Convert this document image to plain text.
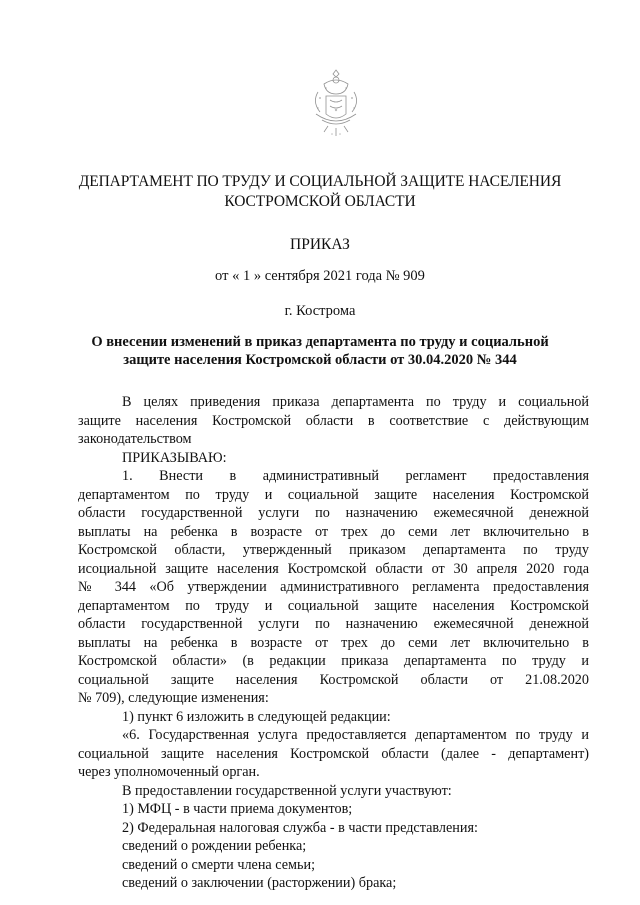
ДЕПАРТАМЕНТ ПО ТРУДУ И СОЦИАЛЬНОЙ ЗАЩИТЕ НАСЕЛЕНИЯ
КОСТРОМСКОЙ ОБЛАСТИ
ПРИКАЗ
от « 1 » сентября 2021 года № 909
г. Кострома
О внесении изменений в приказ департамента по труду и социальной
защите населения Костромской области от 30.04.2020 № 344
В целях приведения приказа департамента по труду и социальной
защите населения Костромской области в соответствие с действующим
законодательством
ПРИКАЗЫВАЮ:
1. Внести в административный регламент предоставления
департаментом по труду и социальной защите населения Костромской
области государственной услуги по назначению ежемесячной денежной
выплаты на ребенка в возрасте от трех до семи лет включительно в
Костромской области, утвержденный приказом департамента по труду
исоциальной защите населения Костромской области от 30 апреля 2020 года
№ 344 «Об утверждении административного регламента предоставления
департаментом по труду и социальной защите населения Костромской
области государственной услуги по назначению ежемесячной денежной
выплаты на ребенка в возрасте от трех до семи лет включительно в
Костромской области» (в редакции приказа департамента по труду и
социальной защите населения Костромской области от 21.08.2020
№ 709), следующие изменения:
1) пункт 6 изложить в следующей редакции:
«6. Государственная услуга предоставляется департаментом по труду и
социальной защите населения Костромской области (далее - департамент)
через уполномоченный орган.
В предоставлении государственной услуги участвуют:
1) МФЦ - в части приема документов;
2) Федеральная налоговая служба - в части представления:
сведений о рождении ребенка;
сведений о смерти члена семьи;
сведений о заключении (расторжении) брака;
